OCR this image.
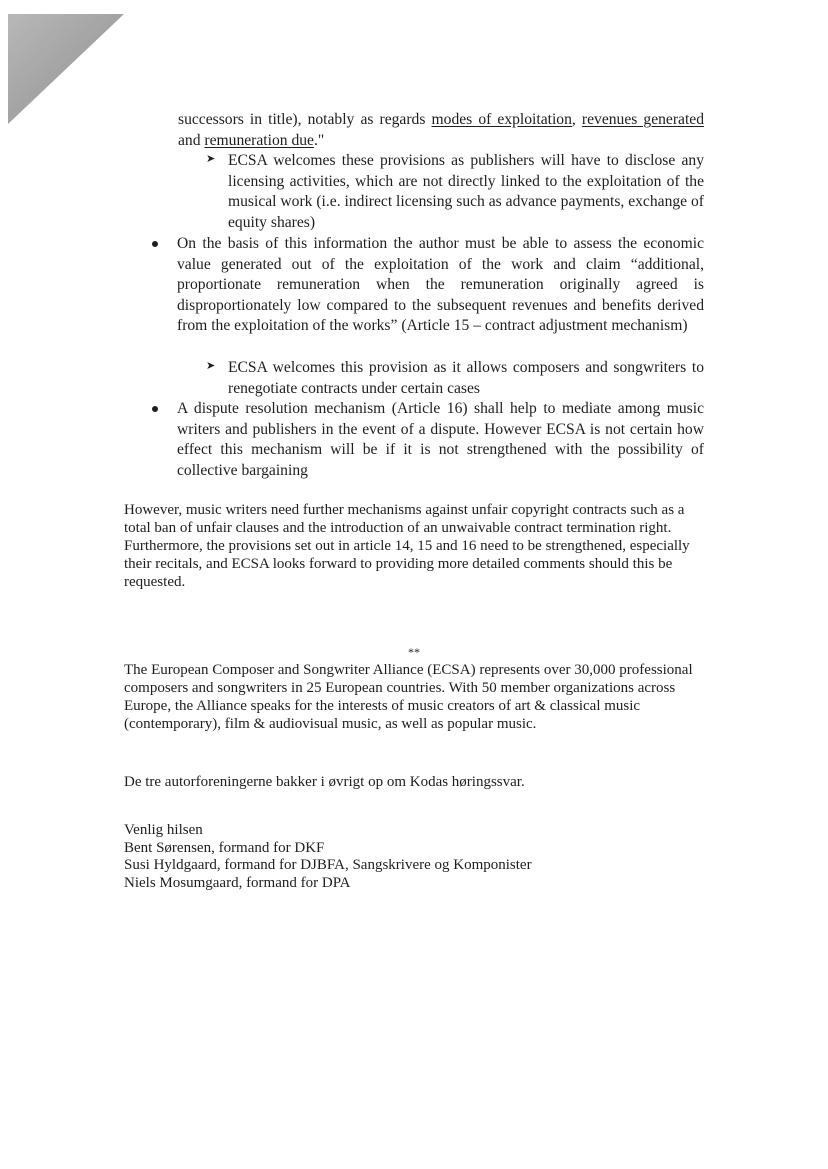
successors in title), notably as regards modes of exploitation, revenues generated and remuneration due."
➤ ECSA welcomes these provisions as publishers will have to disclose any licensing activities, which are not directly linked to the exploitation of the musical work (i.e. indirect licensing such as advance payments, exchange of equity shares)
On the basis of this information the author must be able to assess the economic value generated out of the exploitation of the work and claim “additional, proportionate remuneration when the remuneration originally agreed is disproportionately low compared to the subsequent revenues and benefits derived from the exploitation of the works” (Article 15 – contract adjustment mechanism)
➤ ECSA welcomes this provision as it allows composers and songwriters to renegotiate contracts under certain cases
A dispute resolution mechanism (Article 16) shall help to mediate among music writers and publishers in the event of a dispute. However ECSA is not certain how effect this mechanism will be if it is not strengthened with the possibility of collective bargaining
However, music writers need further mechanisms against unfair copyright contracts such as a total ban of unfair clauses and the introduction of an unwaivable contract termination right. Furthermore, the provisions set out in article 14, 15 and 16 need to be strengthened, especially their recitals, and ECSA looks forward to providing more detailed comments should this be requested.
**
The European Composer and Songwriter Alliance (ECSA) represents over 30,000 professional composers and songwriters in 25 European countries. With 50 member organizations across Europe, the Alliance speaks for the interests of music creators of art & classical music (contemporary), film & audiovisual music, as well as popular music.
De tre autorforeningerne bakker i øvrigt op om Kodas høringssvar.
Venlig hilsen
Bent Sørensen, formand for DKF
Susi Hyldgaard, formand for DJBFA, Sangskrivere og Komponister
Niels Mosumgaard, formand for DPA
